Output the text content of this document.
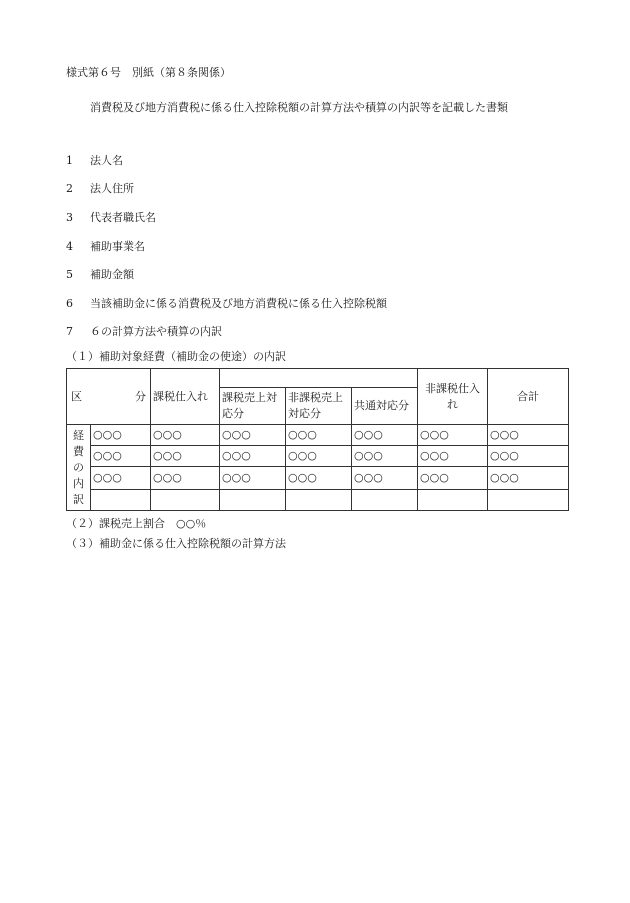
様式第６号　別紙（第８条関係）
消費税及び地方消費税に係る仕入控除税額の計算方法や積算の内訳等を記載した書類
1 法人名
2 法人住所
3 代表者職氏名
4 補助事業名
5 補助金額
6 当該補助金に係る消費税及び地方消費税に係る仕入控除税額
7 ６の計算方法や積算の内訳
（１）補助対象経費（補助金の使途）の内訳
区 分		課税仕入れ				非課税仕入れ	合計
			課税売上対応分	非課税売上対応分	共通対応分		

経
費
の
内
訳	○○○	○○○	○○○	○○○	○○○	○○○	○○○
	○○○	○○○	○○○	○○○	○○○	○○○	○○○
	○○○	○○○	○○○	○○○	○○○	○○○	○○○

（２）課税売上割合　○○％
（３）補助金に係る仕入控除税額の計算方法
